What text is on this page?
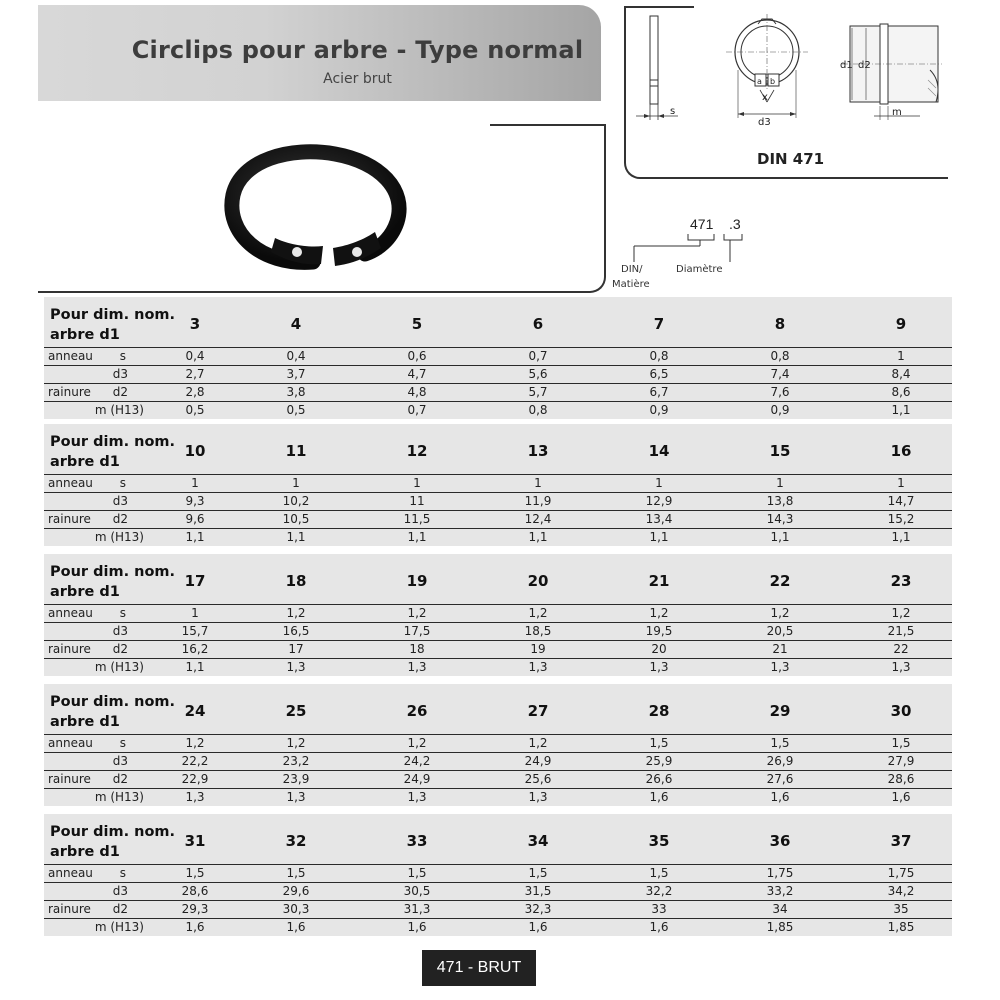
Circlips pour arbre - Type normal
Acier brut
s
a b
x
d3
d1 d2
m
DIN 471
471 .3
DIN/
Matière
Diamètre
Pour dim. nom.
arbre d1
3	4	5	6	7	8	9
anneau	s	0,4	0,4	0,6	0,7	0,8	0,8	1
d3	2,7	3,7	4,7	5,6	6,5	7,4	8,4
rainure	d2	2,8	3,8	4,8	5,7	6,7	7,6	8,6
m (H13)	0,5	0,5	0,7	0,8	0,9	0,9	1,1
Pour dim. nom.
arbre d1
10	11	12	13	14	15	16
anneau	s	1	1	1	1	1	1	1
d3	9,3	10,2	11	11,9	12,9	13,8	14,7
rainure	d2	9,6	10,5	11,5	12,4	13,4	14,3	15,2
m (H13)	1,1	1,1	1,1	1,1	1,1	1,1	1,1
Pour dim. nom.
arbre d1
17	18	19	20	21	22	23
anneau	s	1	1,2	1,2	1,2	1,2	1,2	1,2
d3	15,7	16,5	17,5	18,5	19,5	20,5	21,5
rainure	d2	16,2	17	18	19	20	21	22
m (H13)	1,1	1,3	1,3	1,3	1,3	1,3	1,3
Pour dim. nom.
arbre d1
24	25	26	27	28	29	30
anneau	s	1,2	1,2	1,2	1,2	1,5	1,5	1,5
d3	22,2	23,2	24,2	24,9	25,9	26,9	27,9
rainure	d2	22,9	23,9	24,9	25,6	26,6	27,6	28,6
m (H13)	1,3	1,3	1,3	1,3	1,6	1,6	1,6
Pour dim. nom.
arbre d1
31	32	33	34	35	36	37
anneau	s	1,5	1,5	1,5	1,5	1,5	1,75	1,75
d3	28,6	29,6	30,5	31,5	32,2	33,2	34,2
rainure	d2	29,3	30,3	31,3	32,3	33	34	35
m (H13)	1,6	1,6	1,6	1,6	1,6	1,85	1,85
471 - BRUT
